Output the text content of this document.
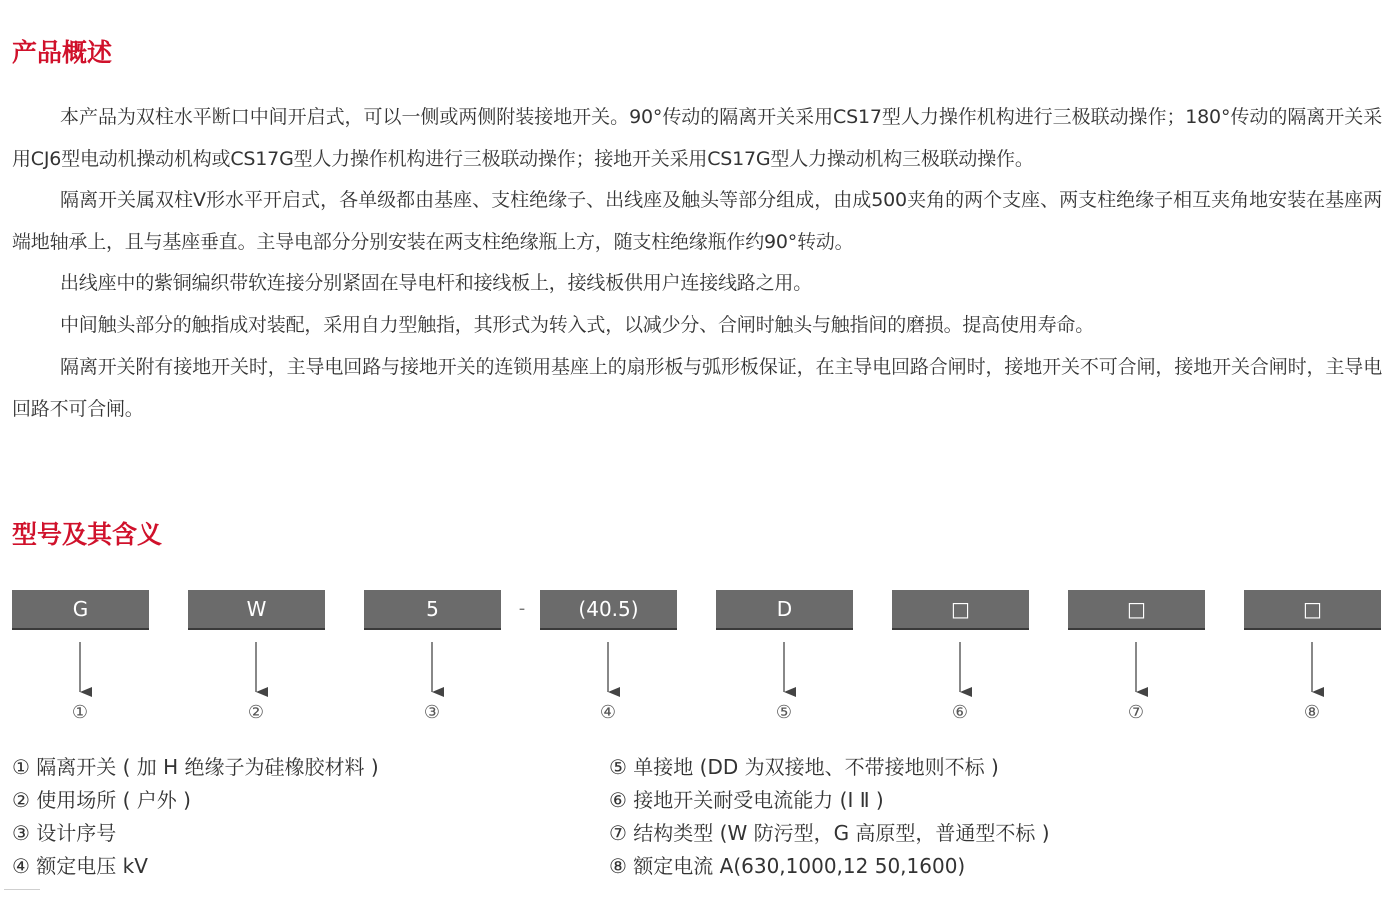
产品概述

本产品为双柱水平断口中间开启式，可以一侧或两侧附装接地开关。90°传动的隔离开关采用CS17型人力操作机构进行三极联动操作；180°传动的隔离开关采用CJ6型电动机操动机构或CS17G型人力操作机构进行三极联动操作；接地开关采用CS17G型人力操动机构三极联动操作。

隔离开关属双柱V形水平开启式，各单级都由基座、支柱绝缘子、出线座及触头等部分组成，由成500夹角的两个支座、两支柱绝缘子相互夹角地安装在基座两端地轴承上，且与基座垂直。主导电部分分别安装在两支柱绝缘瓶上方，随支柱绝缘瓶作约90°转动。

出线座中的紫铜编织带软连接分别紧固在导电杆和接线板上，接线板供用户连接线路之用。

中间触头部分的触指成对装配，采用自力型触指，其形式为转入式，以减少分、合闸时触头与触指间的磨损。提高使用寿命。

隔离开关附有接地开关时，主导电回路与接地开关的连锁用基座上的扇形板与弧形板保证，在主导电回路合闸时，接地开关不可合闸，接地开关合闸时，主导电回路不可合闸。

型号及其含义
G	W	5	-	(40.5)	D	□	□	□
①	②	③	④	⑤	⑥	⑦	⑧
① 隔离开关 ( 加 H 绝缘子为硅橡胶材料 )
② 使用场所 ( 户外 )
③ 设计序号
④ 额定电压 kV
⑤ 单接地 (DD 为双接地、不带接地则不标 )
⑥ 接地开关耐受电流能力 (Ⅰ Ⅱ )
⑦ 结构类型 (W 防污型，G 高原型，普通型不标 )
⑧ 额定电流 A(630,1000,12 50,1600)
